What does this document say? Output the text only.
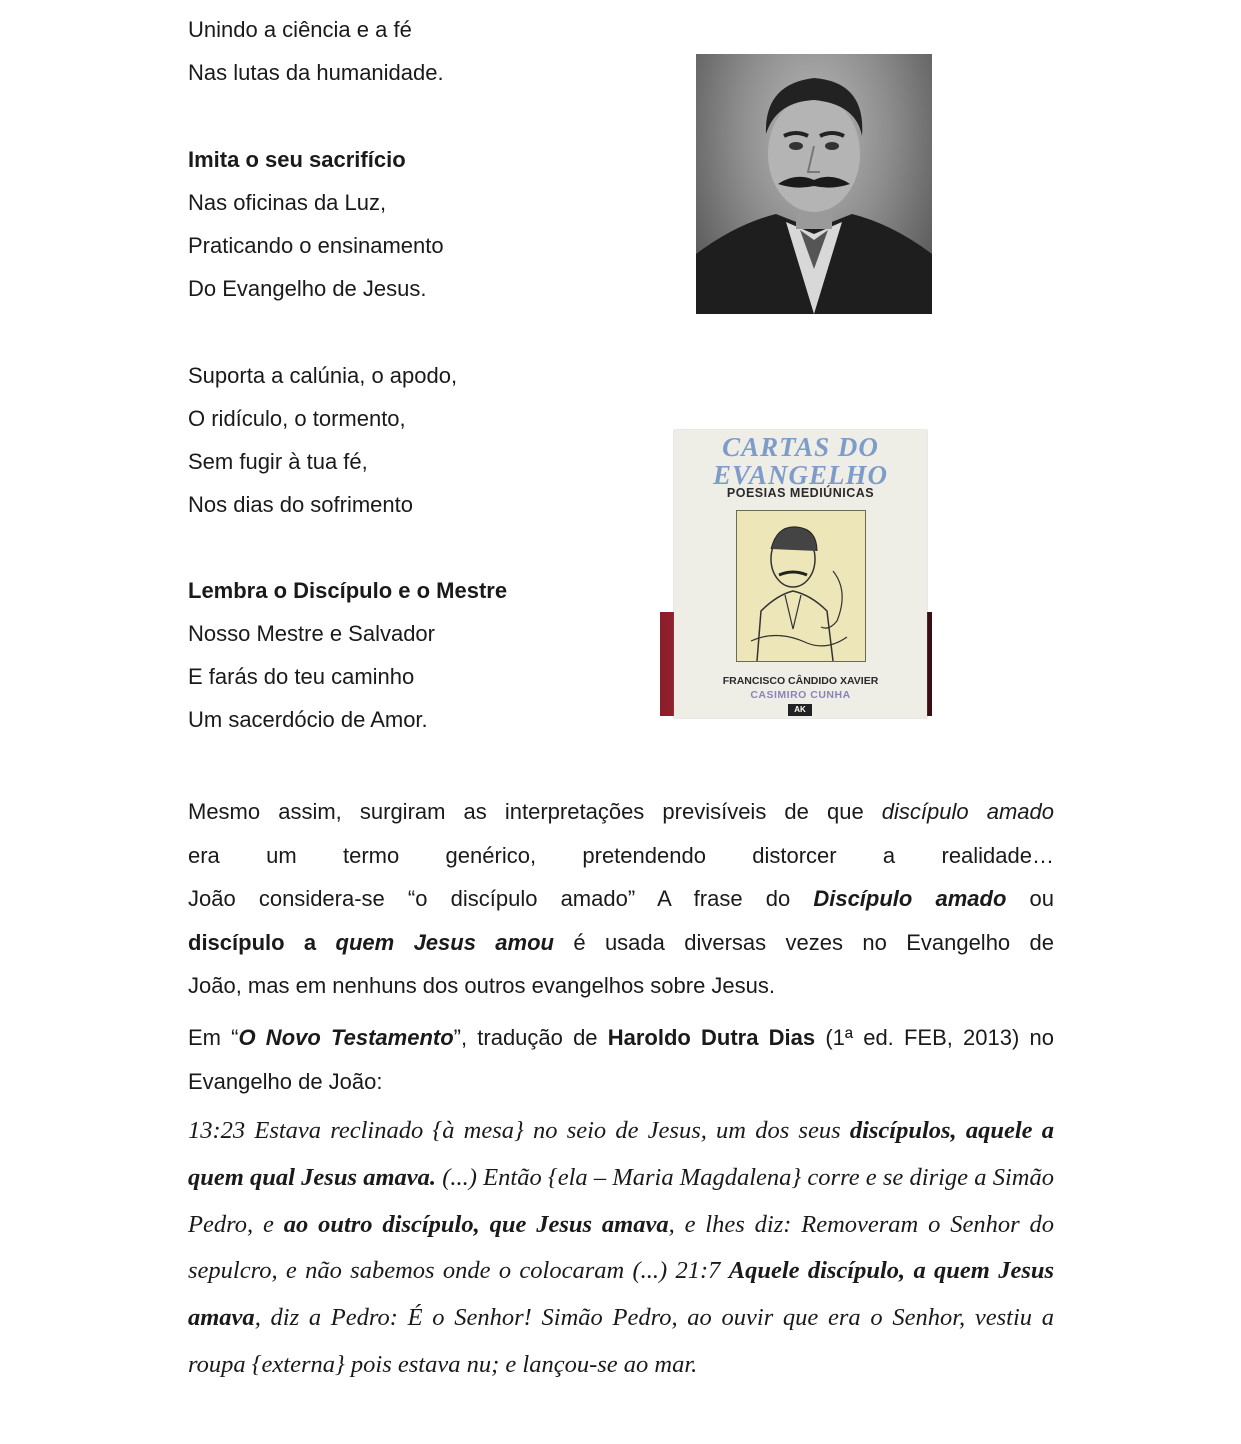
Unindo a ciência e a fé
Nas lutas da humanidade.
Imita o seu sacrifício
Nas oficinas da Luz,
Praticando o ensinamento
Do Evangelho de Jesus.
Suporta a calúnia, o apodo,
O ridículo, o tormento,
Sem fugir à tua fé,
Nos dias do sofrimento
Lembra o Discípulo e o Mestre
Nosso Mestre e Salvador
E farás do teu caminho
Um sacerdócio de Amor.
CARTAS DO
EVANGELHO
POESIAS MEDIÚNICAS
FRANCISCO CÂNDIDO XAVIER
CASIMIRO CUNHA
AK

Mesmo assim, surgiram as interpretações previsíveis de que discípulo amado

era um termo genérico, pretendendo distorcer a realidade…

João considera-se “o discípulo amado” A frase do Discípulo amado ou

discípulo a quem Jesus amou é usada diversas vezes no Evangelho de

João, mas em nenhuns dos outros evangelhos sobre Jesus.

Em “O Novo Testamento”, tradução de Haroldo Dutra Dias (1ª ed. FEB, 2013) no Evangelho de João:

13:23 Estava reclinado {à mesa} no seio de Jesus, um dos seus discípulos, aquele a quem qual Jesus amava. (...) Então {ela – Maria Magdalena} corre e se dirige a Simão Pedro, e ao outro discípulo, que Jesus amava, e lhes diz: Removeram o Senhor do sepulcro, e não sabemos onde o colocaram (...) 21:7 Aquele discípulo, a quem Jesus amava, diz a Pedro: É o Senhor! Simão Pedro, ao ouvir que era o Senhor, vestiu a roupa {externa} pois estava nu; e lançou-se ao mar.
